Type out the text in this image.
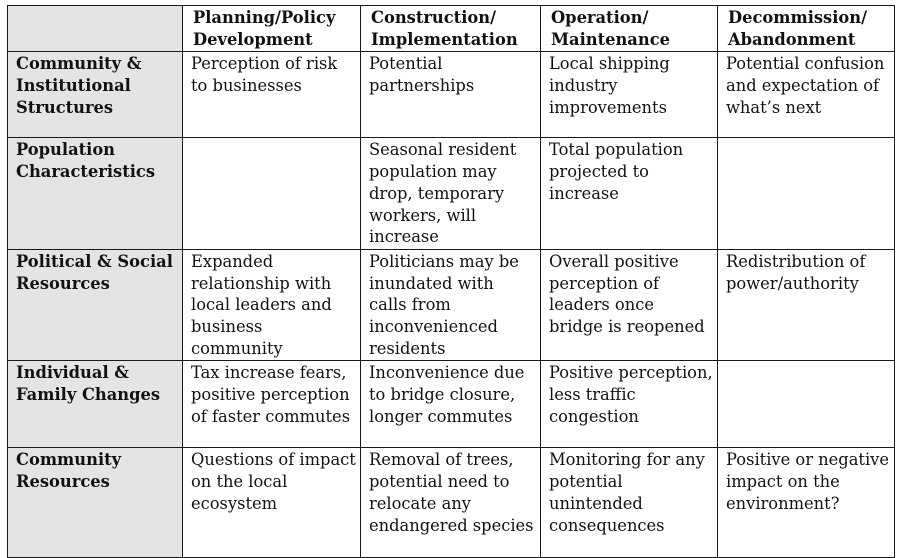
	Planning/Policy Development	Construction/ Implementation	Operation/ Maintenance	Decommission/ Abandonment
Community & Institutional Structures	Perception of risk to businesses	Potential partnerships	Local shipping industry improvements	Potential confusion and expectation of what’s next
Population Characteristics		Seasonal resident population may drop, temporary workers, will increase	Total population projected to increase	
Political & Social Resources	Expanded relationship with local leaders and business community	Politicians may be inundated with calls from inconvenienced residents	Overall positive perception of leaders once bridge is reopened	Redistribution of power/authority
Individual & Family Changes	Tax increase fears, positive perception of faster commutes	Inconvenience due to bridge closure, longer commutes	Positive perception, less traffic congestion	
Community Resources	Questions of impact on the local ecosystem	Removal of trees, potential need to relocate any endangered species	Monitoring for any potential unintended consequences	Positive or negative impact on the environment?
